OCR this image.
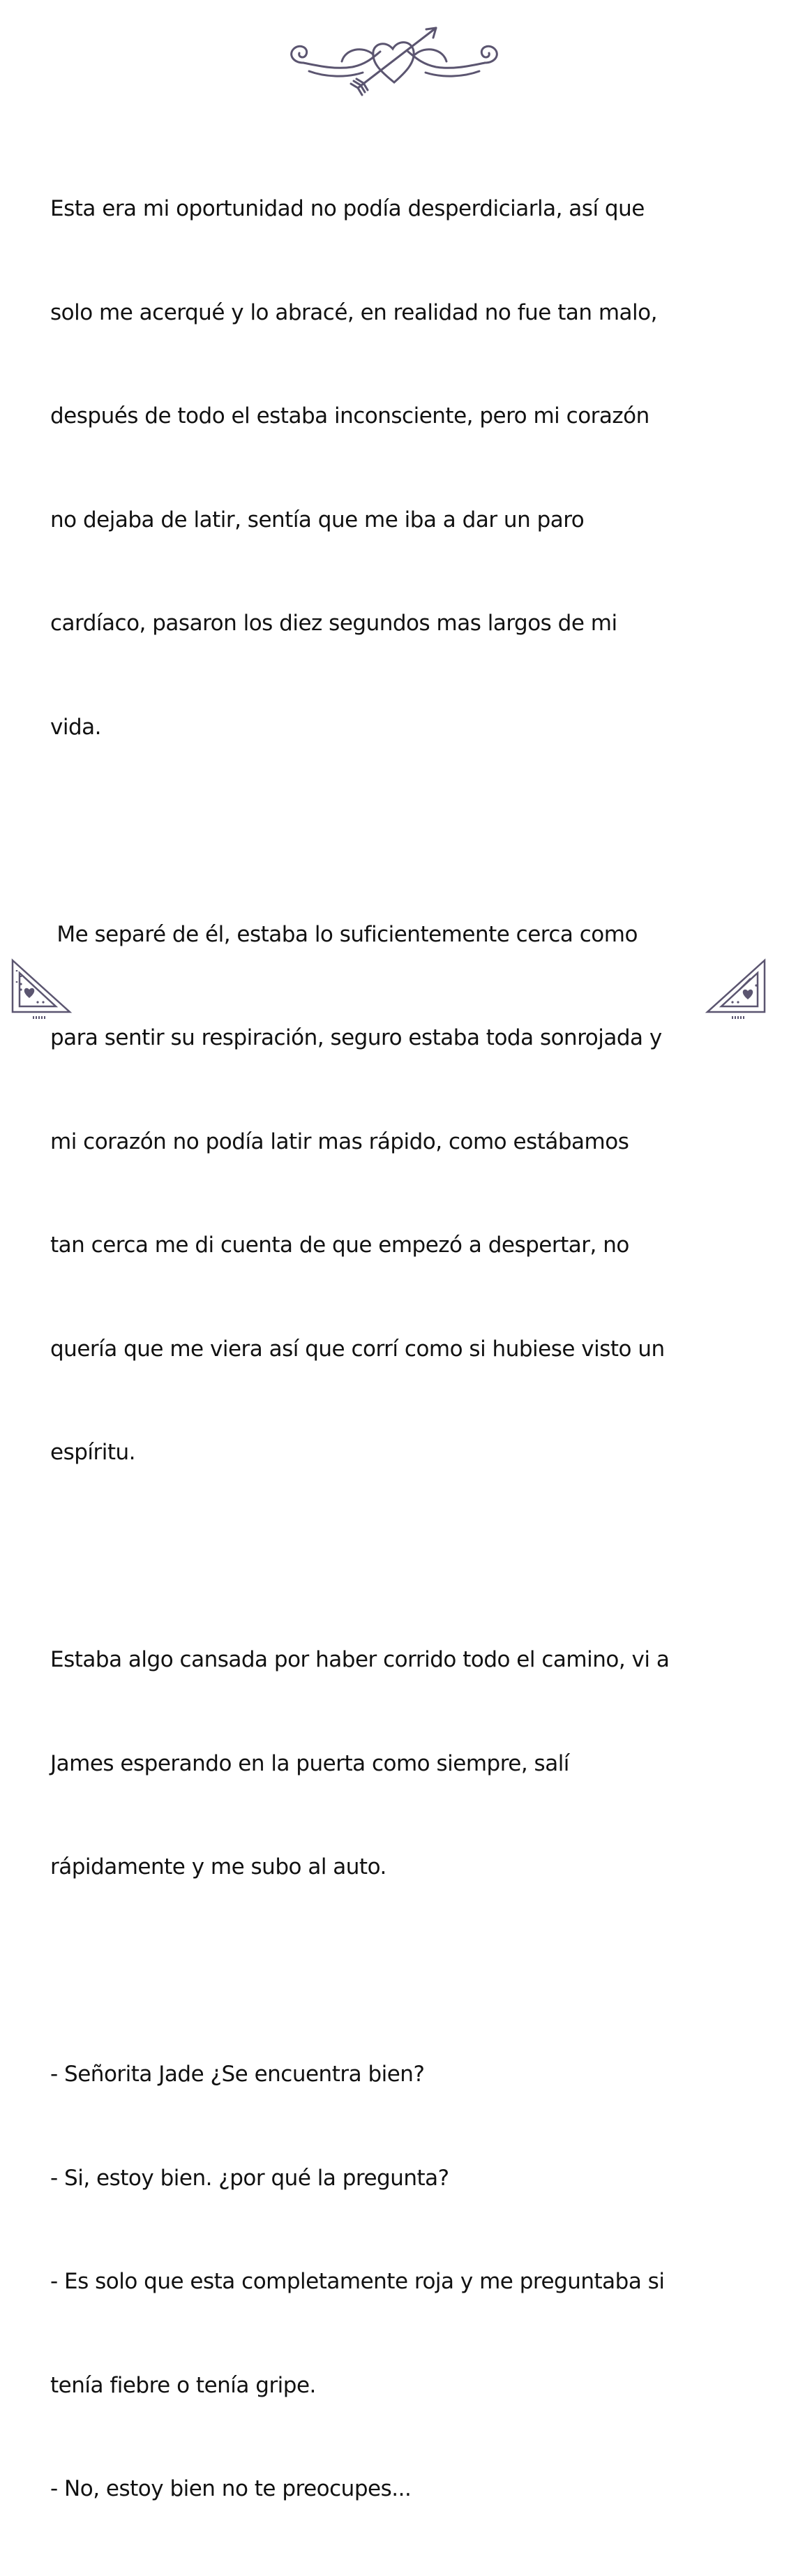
Esta era mi oportunidad no podía desperdiciarla, así que

solo me acerqué y lo abracé, en realidad no fue tan malo,

después de todo el estaba inconsciente, pero mi corazón

no dejaba de latir, sentía que me iba a dar un paro

cardíaco, pasaron los diez segundos mas largos de mi

vida.

Me separé de él, estaba lo suficientemente cerca como

para sentir su respiración, seguro estaba toda sonrojada y

mi corazón no podía latir mas rápido, como estábamos

tan cerca me di cuenta de que empezó a despertar, no

quería que me viera así que corrí como si hubiese visto un

espíritu.

Estaba algo cansada por haber corrido todo el camino, vi a

James esperando en la puerta como siempre, salí

rápidamente y me subo al auto.

- Señorita Jade ¿Se encuentra bien?

- Si, estoy bien. ¿por qué la pregunta?

- Es solo que esta completamente roja y me preguntaba si

tenía fiebre o tenía gripe.

- No, estoy bien no te preocupes...
